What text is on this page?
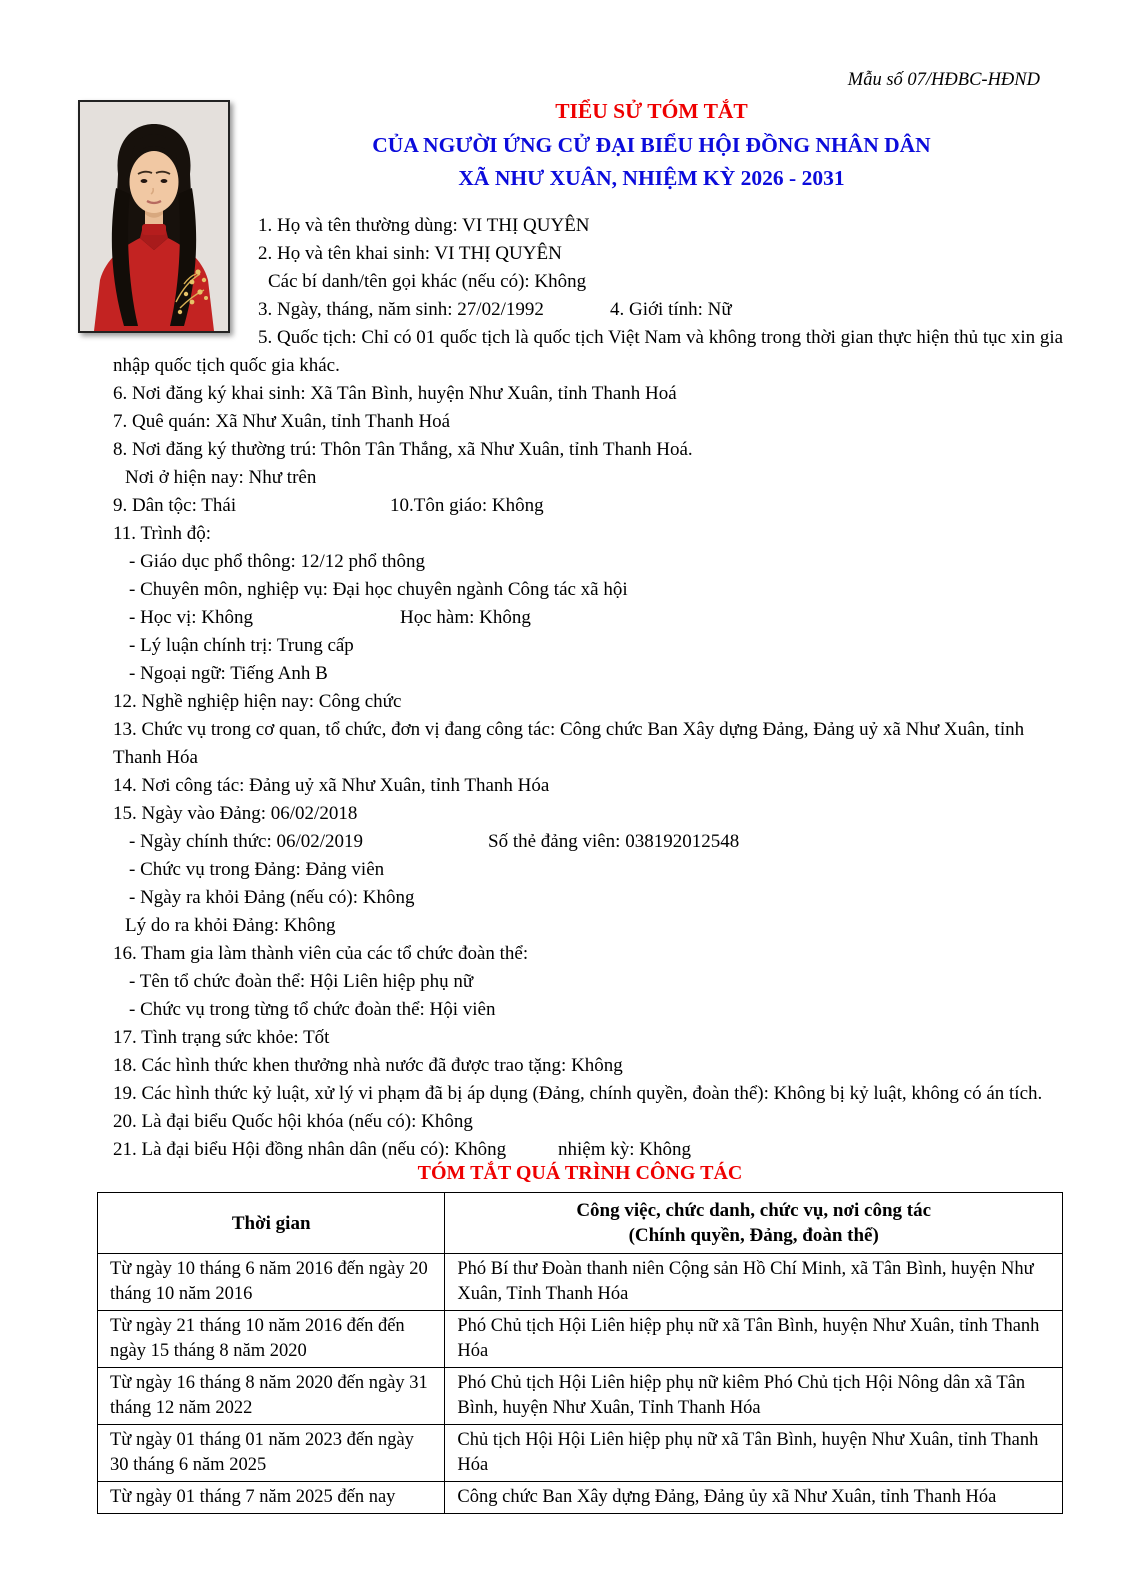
Mẫu số 07/HĐBC-HĐND
TIỂU SỬ TÓM TẮT
CỦA NGƯỜI ỨNG CỬ ĐẠI BIỂU HỘI ĐỒNG NHÂN DÂN
XÃ NHƯ XUÂN, NHIỆM KỲ 2026 - 2031
1. Họ và tên thường dùng: VI THỊ QUYÊN
2. Họ và tên khai sinh: VI THỊ QUYÊN
Các bí danh/tên gọi khác (nếu có): Không
3. Ngày, tháng, năm sinh: 27/02/1992	4. Giới tính: Nữ
5. Quốc tịch: Chỉ có 01 quốc tịch là quốc tịch Việt Nam và không trong thời gian thực hiện thủ tục xin gia nhập quốc tịch quốc gia khác.
6. Nơi đăng ký khai sinh: Xã Tân Bình, huyện Như Xuân, tỉnh Thanh Hoá
7. Quê quán: Xã Như Xuân, tỉnh Thanh Hoá
8. Nơi đăng ký thường trú: Thôn Tân Thắng, xã Như Xuân, tỉnh Thanh Hoá.
Nơi ở hiện nay: Như trên
9. Dân tộc: Thái	10.Tôn giáo: Không
11. Trình độ:
- Giáo dục phổ thông: 12/12 phổ thông
- Chuyên môn, nghiệp vụ: Đại học chuyên ngành Công tác xã hội
- Học vị: Không	Học hàm: Không
- Lý luận chính trị: Trung cấp
- Ngoại ngữ: Tiếng Anh B
12. Nghề nghiệp hiện nay: Công chức
13. Chức vụ trong cơ quan, tổ chức, đơn vị đang công tác: Công chức Ban Xây dựng Đảng, Đảng uỷ xã Như Xuân, tỉnh Thanh Hóa
14. Nơi công tác: Đảng uỷ xã Như Xuân, tỉnh Thanh Hóa
15. Ngày vào Đảng: 06/02/2018
- Ngày chính thức: 06/02/2019	Số thẻ đảng viên: 038192012548
- Chức vụ trong Đảng: Đảng viên
- Ngày ra khỏi Đảng (nếu có): Không
Lý do ra khỏi Đảng: Không
16. Tham gia làm thành viên của các tổ chức đoàn thể:
- Tên tổ chức đoàn thể: Hội Liên hiệp phụ nữ
- Chức vụ trong từng tổ chức đoàn thể: Hội viên
17. Tình trạng sức khỏe: Tốt
18. Các hình thức khen thưởng nhà nước đã được trao tặng: Không
19. Các hình thức kỷ luật, xử lý vi phạm đã bị áp dụng (Đảng, chính quyền, đoàn thể): Không bị kỷ luật, không có án tích.
20. Là đại biểu Quốc hội khóa (nếu có): Không
21. Là đại biểu Hội đồng nhân dân (nếu có): Không	nhiệm kỳ: Không
TÓM TẮT QUÁ TRÌNH CÔNG TÁC
Thời gian	Công việc, chức danh, chức vụ, nơi công tác
(Chính quyền, Đảng, đoàn thể)

Từ ngày 10 tháng 6 năm 2016 đến ngày 20 tháng 10 năm 2016	Phó Bí thư Đoàn thanh niên Cộng sản Hồ Chí Minh, xã Tân Bình, huyện Như Xuân, Tỉnh Thanh Hóa
Từ ngày 21 tháng 10 năm 2016 đến đến ngày 15 tháng 8 năm 2020	Phó Chủ tịch Hội Liên hiệp phụ nữ xã Tân Bình, huyện Như Xuân, tỉnh Thanh Hóa
Từ ngày 16 tháng 8 năm 2020 đến ngày 31 tháng 12 năm 2022	Phó Chủ tịch Hội Liên hiệp phụ nữ kiêm Phó Chủ tịch Hội Nông dân xã Tân Bình, huyện Như Xuân, Tỉnh Thanh Hóa
Từ ngày 01 tháng 01 năm 2023 đến ngày 30 tháng 6 năm 2025	Chủ tịch Hội Hội Liên hiệp phụ nữ xã Tân Bình, huyện Như Xuân, tỉnh Thanh Hóa
Từ ngày 01 tháng 7 năm 2025 đến nay	Công chức Ban Xây dựng Đảng, Đảng ủy xã Như Xuân, tỉnh Thanh Hóa
